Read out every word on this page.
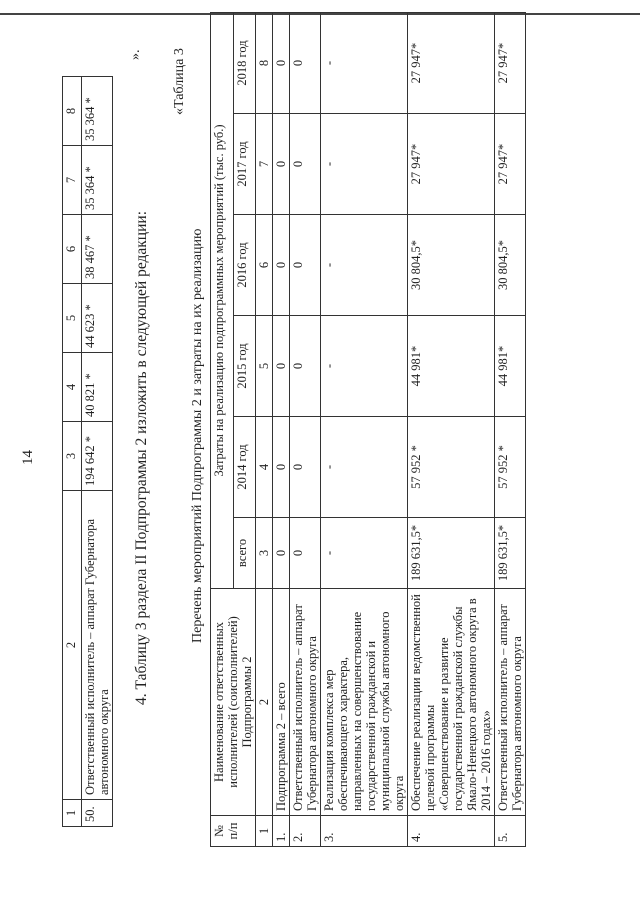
14
1	2	3	4	5	6	7	8
50.	Ответственный исполнитель – аппарат Губернатора автономного округа	194 642 *	40 821 *	44 623 *	38 467 *	35 364 *	35 364 *
».
4. Таблицу 3 раздела II Подпрограммы 2 изложить в следующей редакции:
«Таблица 3
Перечень мероприятий Подпрограммы 2 и затраты на их реализацию
№ п/п	Наименование ответственных исполнителей (соисполнителей) Подпрограммы 2	Затраты на реализацию подпрограммных мероприятий (тыс. руб.)					
		всего	2014 год	2015 год	2016 год	2017 год	2018 год
1	2	3	4	5	6	7	8
1.	Подпрограмма 2 – всего	0	0	0	0	0	0
2.	Ответственный исполнитель – аппарат Губернатора автономного округа	0	0	0	0	0	0
3.	Реализация комплекса мер обеспечивающего характера, направленных на совершенствование государственной гражданской и муниципальной службы автономного округа	-	-	-	-	-	-
4.	Обеспечение реализации ведомственной целевой программы «Совершенствование и развитие государственной гражданской службы Ямало-Ненецкого автономного округа в 2014 – 2016 годах»	189 631,5*	57 952 *	44 981*	30 804,5*	27 947*	27 947*
5.	Ответственный исполнитель – аппарат Губернатора автономного округа	189 631,5*	57 952 *	44 981*	30 804,5*	27 947*	27 947*
